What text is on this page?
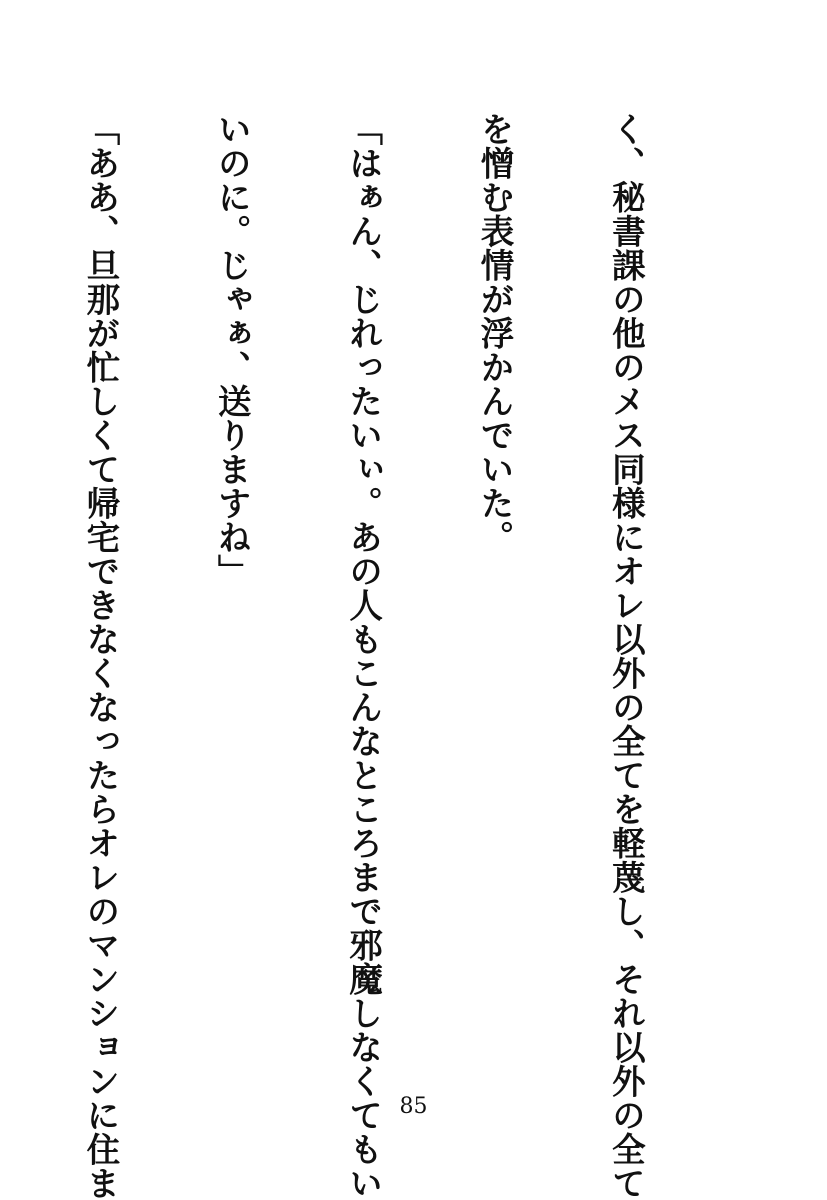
く、秘書課の他のメス同様にオレ以外の全てを軽蔑し、それ以外の全て

を憎む表情が浮かんでいた。

「はぁん、じれったいぃ。あの人もこんなところまで邪魔しなくてもい

いのに。じゃぁ、送りますね」

「ああ、旦那が忙しくて帰宅できなくなったらオレのマンションに住ま

	85
